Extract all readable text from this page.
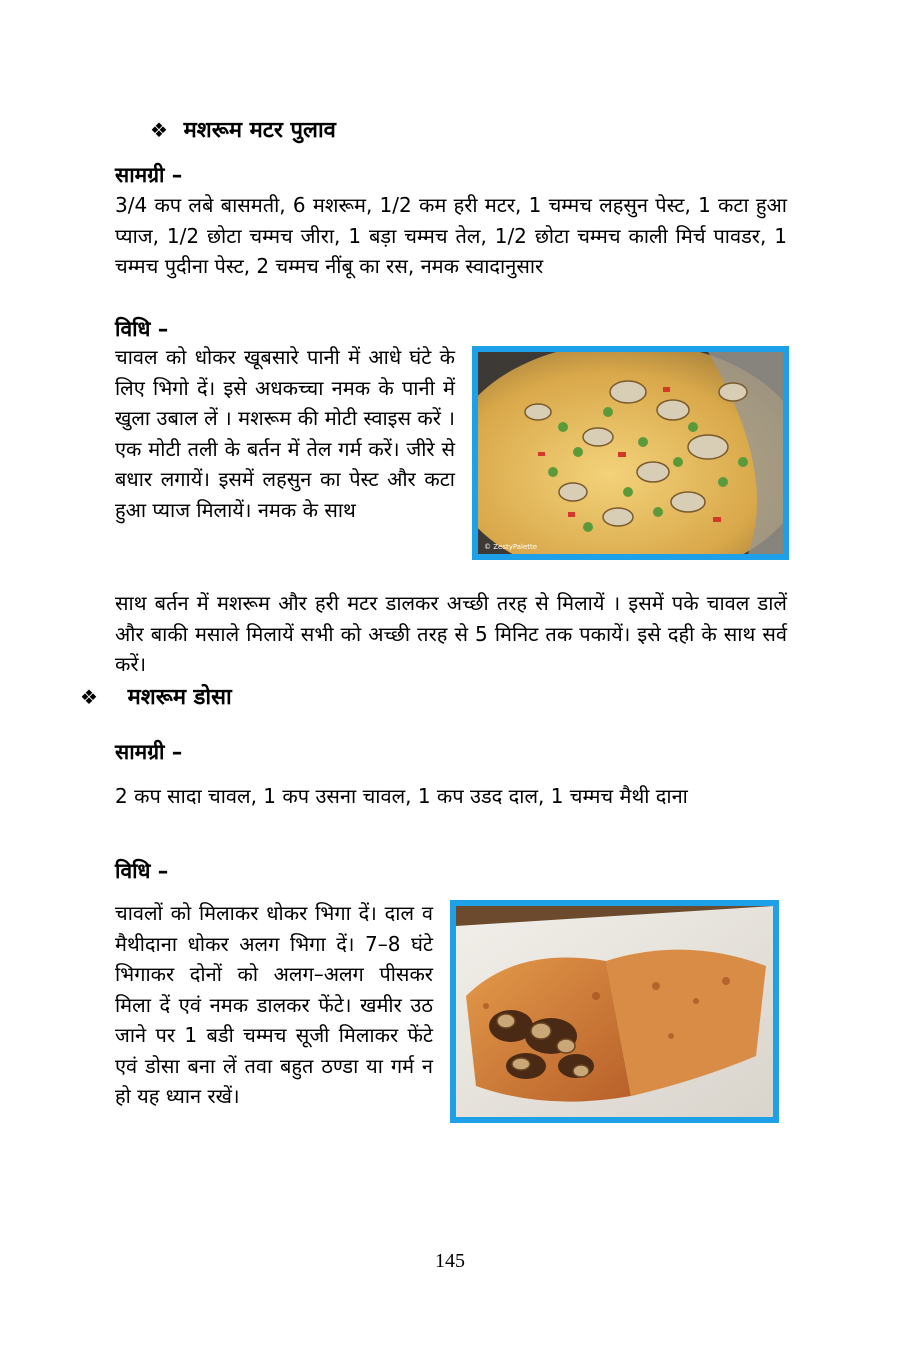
❖ मशरूम मटर पुलाव
सामग्री –
3/4 कप लबे बासमती, 6 मशरूम, 1/2 कम हरी मटर, 1 चम्मच लहसुन पेस्ट, 1 कटा हुआ प्याज, 1/2 छोटा चम्मच जीरा, 1 बड़ा चम्मच तेल, 1/2 छोटा चम्मच काली मिर्च पावडर, 1 चम्मच पुदीना पेस्ट, 2 चम्मच नींबू का रस, नमक स्वादानुसार
विधि –
चावल को धोकर खूबसारे पानी में आधे घंटे के लिए भिगो दें। इसे अधकच्चा नमक के पानी में खुला उबाल लें । मशरूम की मोटी स्वाइस करें । एक मोटी तली के बर्तन में तेल गर्म करें। जीरे से बधार लगायें। इसमें लहसुन का पेस्ट और कटा हुआ प्याज मिलायें। नमक के साथ
© ZestyPalette
साथ बर्तन में मशरूम और हरी मटर डालकर अच्छी तरह से मिलायें । इसमें पके चावल डालें और बाकी मसाले मिलायें सभी को अच्छी तरह से 5 मिनिट तक पकायें। इसे दही के साथ सर्व करें।
❖ मशरूम डोसा
सामग्री –
2 कप सादा चावल, 1 कप उसना चावल, 1 कप उडद दाल, 1 चम्मच मैथी दाना
विधि –
चावलों को मिलाकर धोकर भिगा दें। दाल व मैथीदाना धोकर अलग भिगा दें। 7–8 घंटे भिगाकर दोनों को अलग–अलग पीसकर मिला दें एवं नमक डालकर फेंटे। खमीर उठ जाने पर 1 बडी चम्मच सूजी मिलाकर फेंटे एवं डोसा बना लें तवा बहुत ठण्डा या गर्म न हो यह ध्यान रखें।
145
